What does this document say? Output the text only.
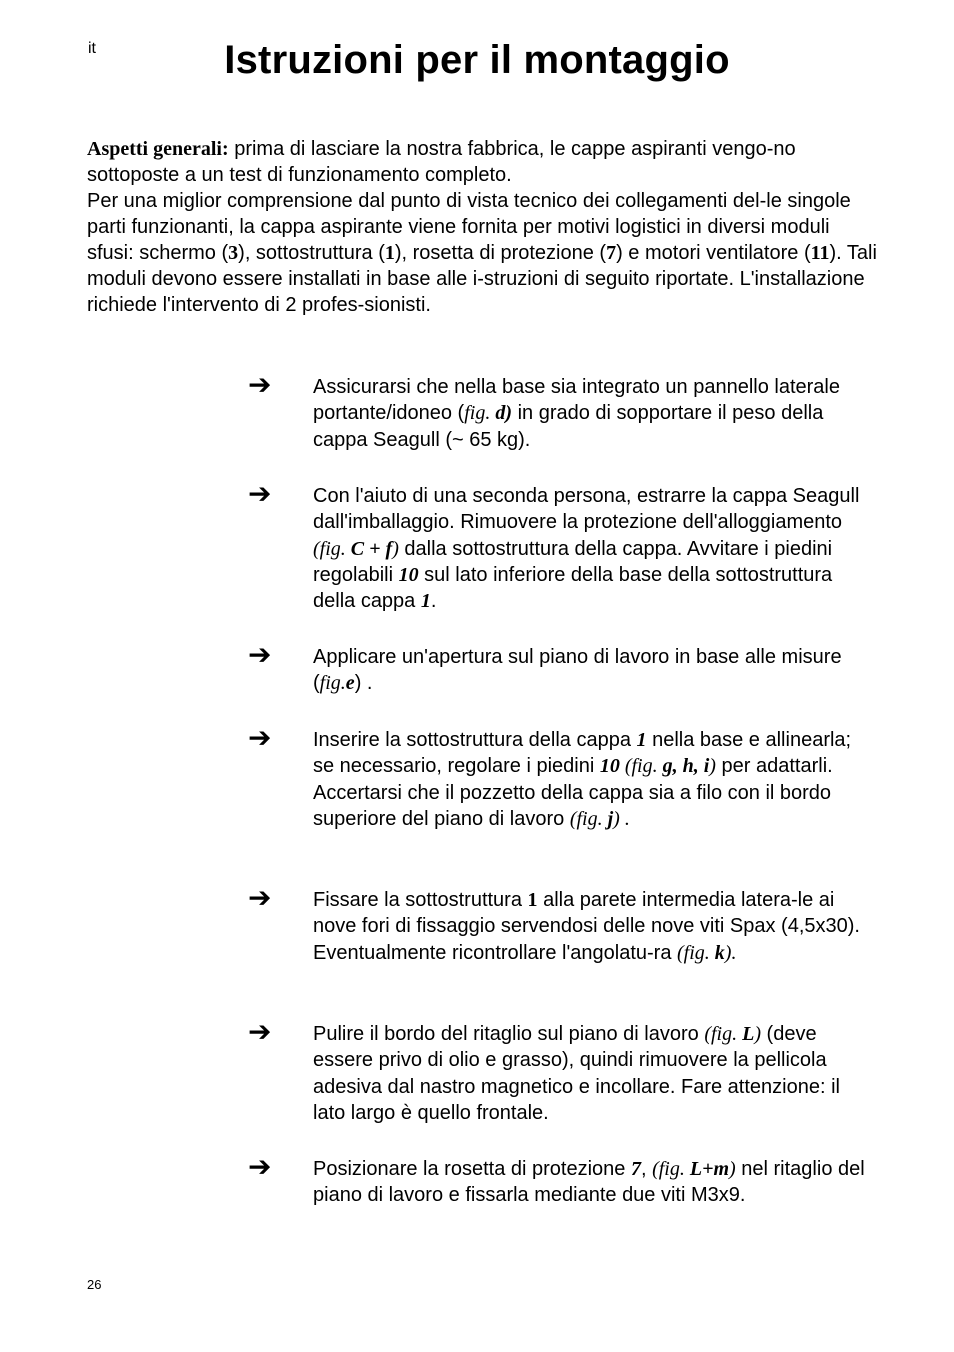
it	Istruzioni per il montaggio

Aspetti generali: prima di lasciare la nostra fabbrica, le cappe aspiranti vengo-no sottoposte a un test di funzionamento completo.

Per una miglior comprensione dal punto di vista tecnico dei collegamenti del-le singole parti funzionanti, la cappa aspirante viene fornita per motivi logistici in diversi moduli sfusi: schermo (3), sottostruttura (1), rosetta di protezione (7) e motori ventilatore (11). Tali moduli devono essere installati in base alle i-struzioni di seguito riportate. L'installazione richiede l'intervento di 2 profes-sionisti.

➔ Assicurarsi che nella base sia integrato un pannello laterale portante/idoneo (fig. d) in grado di sopportare il peso della cappa Seagull (~ 65 kg).
➔ Con l'aiuto di una seconda persona, estrarre la cappa Seagull dall'imballaggio. Rimuovere la protezione dell'alloggiamento (fig. C + f) dalla sottostruttura della cappa. Avvitare i piedini regolabili 10 sul lato inferiore della base della sottostruttura della cappa 1.
➔ Applicare un'apertura sul piano di lavoro in base alle misure (fig.e) .
➔ Inserire la sottostruttura della cappa 1 nella base e allinearla; se necessario, regolare i piedini 10 (fig. g, h, i) per adattarli. Accertarsi che il pozzetto della cappa sia a filo con il bordo superiore del piano di lavoro (fig. j) .
➔ Fissare la sottostruttura 1 alla parete intermedia latera-le ai nove fori di fissaggio servendosi delle nove viti Spax (4,5x30). Eventualmente ricontrollare l'angolatu-ra (fig. k).
➔ Pulire il bordo del ritaglio sul piano di lavoro (fig. L) (deve essere privo di olio e grasso), quindi rimuovere la pellicola adesiva dal nastro magnetico e incollare. Fare attenzione: il lato largo è quello frontale.
➔ Posizionare la rosetta di protezione 7, (fig. L+m) nel ritaglio del piano di lavoro e fissarla mediante due viti M3x9.
26
